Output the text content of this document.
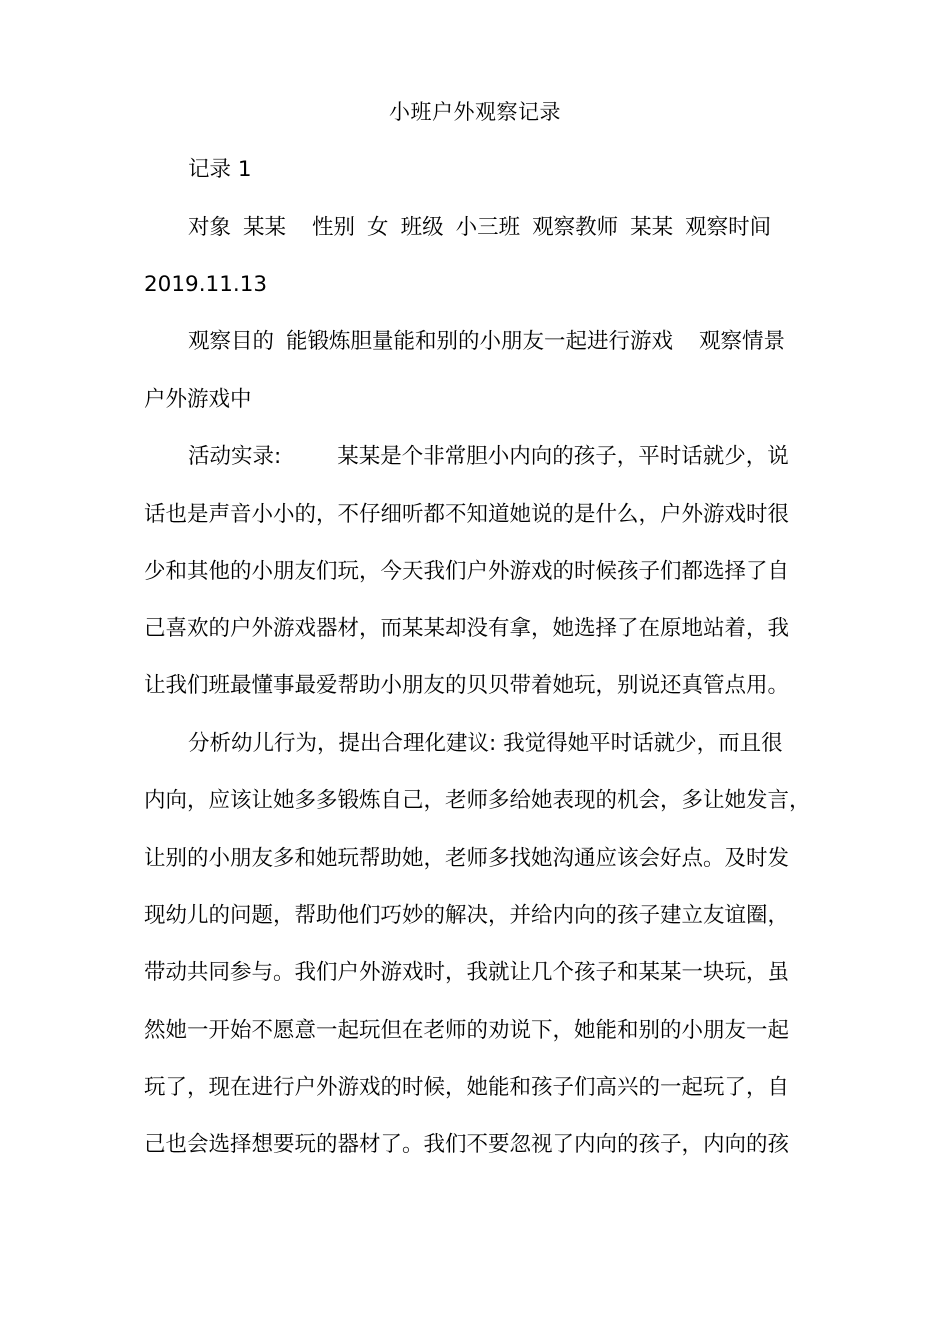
小班户外观察记录
记录 1
对象 某某 性别 女 班级 小三班 观察教师 某某 观察时间
2019.11.13
观察目的 能锻炼胆量能和别的小朋友一起进行游戏 观察情景
户外游戏中
活动实录:	某某是个非常胆小内向的孩子，平时话就少，说
话也是声音小小的，不仔细听都不知道她说的是什么，户外游戏时很
少和其他的小朋友们玩，今天我们户外游戏的时候孩子们都选择了自
己喜欢的户外游戏器材，而某某却没有拿，她选择了在原地站着，我
让我们班最懂事最爱帮助小朋友的贝贝带着她玩，别说还真管点用。
分析幼儿行为，提出合理化建议: 我觉得她平时话就少，而且很
内向，应该让她多多锻炼自己，老师多给她表现的机会，多让她发言，
让别的小朋友多和她玩帮助她，老师多找她沟通应该会好点。及时发
现幼儿的问题，帮助他们巧妙的解决，并给内向的孩子建立友谊圈，
带动共同参与。我们户外游戏时，我就让几个孩子和某某一块玩，虽
然她一开始不愿意一起玩但在老师的劝说下，她能和别的小朋友一起
玩了，现在进行户外游戏的时候，她能和孩子们高兴的一起玩了，自
己也会选择想要玩的器材了。我们不要忽视了内向的孩子，内向的孩
